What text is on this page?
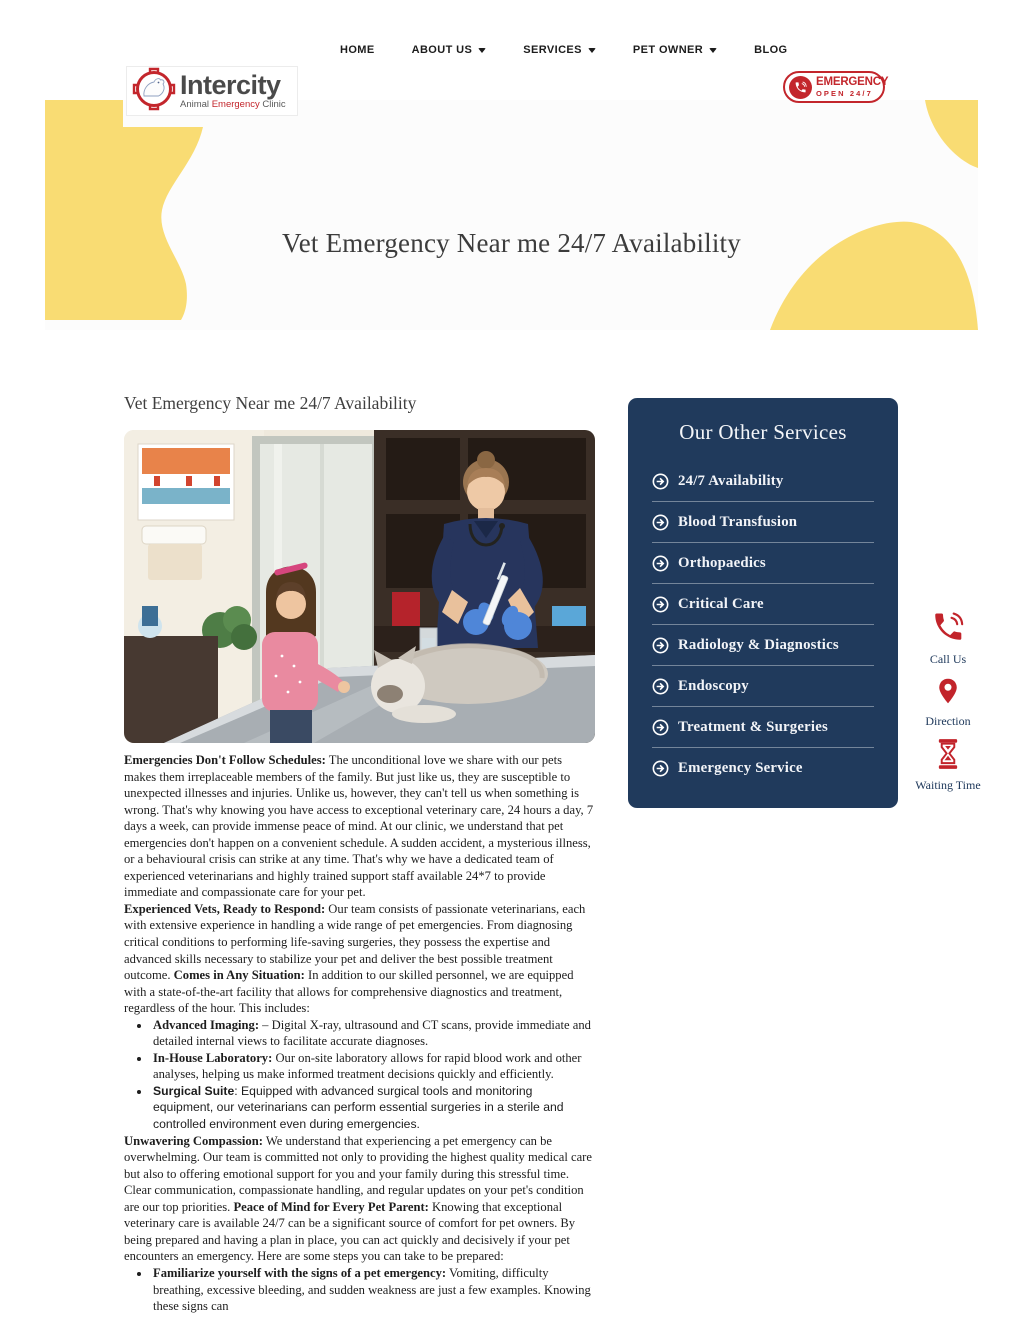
Intercity
Animal Emergency Clinic
HOME	ABOUT US	SERVICES	PET OWNER	BLOG
EMERGENCY
OPEN 24/7
Vet Emergency Near me 24/7 Availability
Vet Emergency Near me 24/7 Availability

Emergencies Don't Follow Schedules: The unconditional love we share with our pets makes them irreplaceable members of the family. But just like us, they are susceptible to unexpected illnesses and injuries. Unlike us, however, they can't tell us when something is wrong. That's why knowing you have access to exceptional veterinary care, 24 hours a day, 7 days a week, can provide immense peace of mind. At our clinic, we understand that pet emergencies don't happen on a convenient schedule. A sudden accident, a mysterious illness, or a behavioural crisis can strike at any time. That's why we have a dedicated team of experienced veterinarians and highly trained support staff available 24*7 to provide immediate and compassionate care for your pet.

Experienced Vets, Ready to Respond: Our team consists of passionate veterinarians, each with extensive experience in handling a wide range of pet emergencies. From diagnosing critical conditions to performing life-saving surgeries, they possess the expertise and advanced skills necessary to stabilize your pet and deliver the best possible treatment outcome. Comes in Any Situation: In addition to our skilled personnel, we are equipped with a state-of-the-art facility that allows for comprehensive diagnostics and treatment, regardless of the hour. This includes:

• Advanced Imaging: – Digital X-ray, ultrasound and CT scans, provide immediate and detailed internal views to facilitate accurate diagnoses.
• In-House Laboratory: Our on-site laboratory allows for rapid blood work and other analyses, helping us make informed treatment decisions quickly and efficiently.
• Surgical Suite: Equipped with advanced surgical tools and monitoring equipment, our veterinarians can perform essential surgeries in a sterile and controlled environment even during emergencies.

Unwavering Compassion: We understand that experiencing a pet emergency can be overwhelming. Our team is committed not only to providing the highest quality medical care but also to offering emotional support for you and your family during this stressful time. Clear communication, compassionate handling, and regular updates on your pet's condition are our top priorities. Peace of Mind for Every Pet Parent: Knowing that exceptional veterinary care is available 24/7 can be a significant source of comfort for pet owners. By being prepared and having a plan in place, you can act quickly and decisively if your pet encounters an emergency. Here are some steps you can take to be prepared:

• Familiarize yourself with the signs of a pet emergency: Vomiting, difficulty breathing, excessive bleeding, and sudden weakness are just a few examples. Knowing these signs can
Our Other Services
24/7 Availability
Blood Transfusion
Orthopaedics
Critical Care
Radiology & Diagnostics
Endoscopy
Treatment & Surgeries
Emergency Service
Call Us
Direction
Waiting Time
